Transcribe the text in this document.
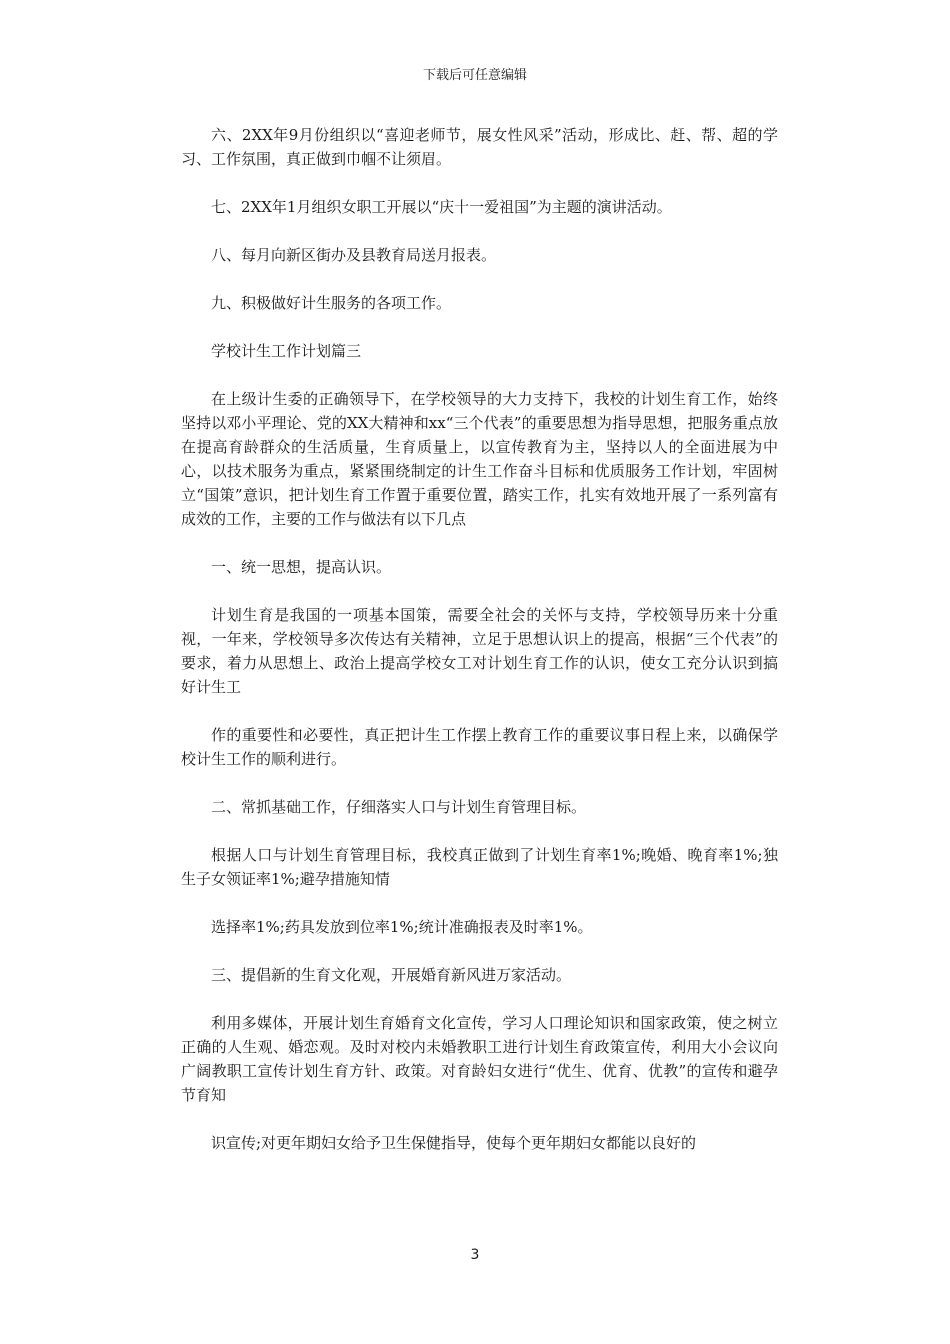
下载后可任意编辑

六、2XX年9月份组织以“喜迎老师节，展女性风采”活动，形成比、赶、帮、超的学习、工作氛围，真正做到巾帼不让须眉。

七、2XX年1月组织女职工开展以“庆十一爱祖国”为主题的演讲活动。

八、每月向新区街办及县教育局送月报表。

九、积极做好计生服务的各项工作。

学校计生工作计划篇三

在上级计生委的正确领导下，在学校领导的大力支持下，我校的计划生育工作，始终坚持以邓小平理论、党的XX大精神和xx“三个代表”的重要思想为指导思想，把服务重点放在提高育龄群众的生活质量，生育质量上，以宣传教育为主，坚持以人的全面进展为中心，以技术服务为重点，紧紧围绕制定的计生工作奋斗目标和优质服务工作计划，牢固树立“国策”意识，把计划生育工作置于重要位置，踏实工作，扎实有效地开展了一系列富有成效的工作，主要的工作与做法有以下几点

一、统一思想，提高认识。

计划生育是我国的一项基本国策，需要全社会的关怀与支持，学校领导历来十分重视，一年来，学校领导多次传达有关精神，立足于思想认识上的提高，根据“三个代表”的要求，着力从思想上、政治上提高学校女工对计划生育工作的认识，使女工充分认识到搞好计生工

作的重要性和必要性，真正把计生工作摆上教育工作的重要议事日程上来，以确保学校计生工作的顺利进行。

二、常抓基础工作，仔细落实人口与计划生育管理目标。

根据人口与计划生育管理目标，我校真正做到了计划生育率1%;晚婚、晚育率1%;独生子女领证率1%;避孕措施知情

选择率1%;药具发放到位率1%;统计准确报表及时率1%。

三、提倡新的生育文化观，开展婚育新风进万家活动。

利用多媒体，开展计划生育婚育文化宣传，学习人口理论知识和国家政策，使之树立正确的人生观、婚恋观。及时对校内未婚教职工进行计划生育政策宣传，利用大小会议向广阔教职工宣传计划生育方针、政策。对育龄妇女进行“优生、优育、优教”的宣传和避孕节育知

识宣传;对更年期妇女给予卫生保健指导，使每个更年期妇女都能以良好的

3
